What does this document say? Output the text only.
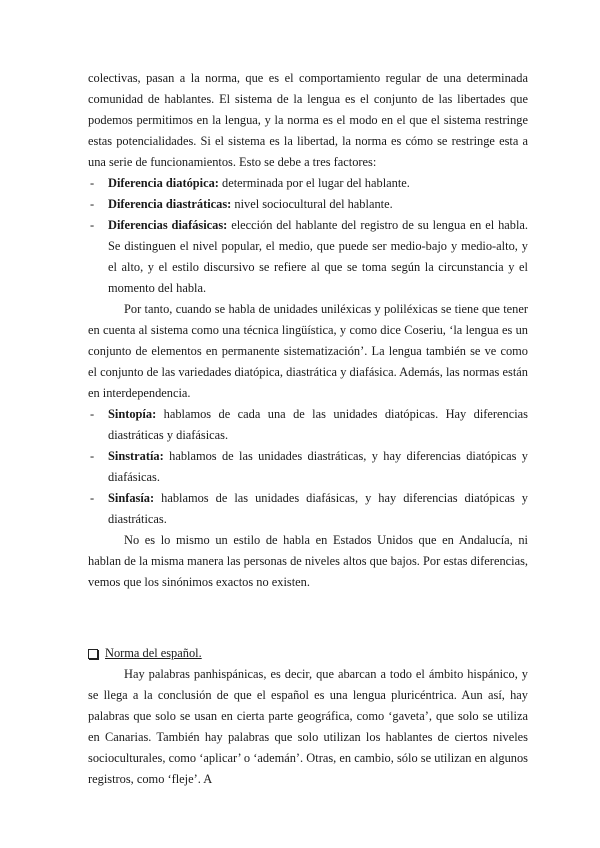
colectivas, pasan a la norma, que es el comportamiento regular de una determinada comunidad de hablantes. El sistema de la lengua es el conjunto de las libertades que podemos permitimos en la lengua, y la norma es el modo en el que el sistema restringe estas potencialidades. Si el sistema es la libertad, la norma es cómo se restringe esta a una serie de funcionamientos. Esto se debe a tres factores:

- Diferencia diatópica: determinada por el lugar del hablante.
- Diferencia diastráticas: nivel sociocultural del hablante.
- Diferencias diafásicas: elección del hablante del registro de su lengua en el habla. Se distinguen el nivel popular, el medio, que puede ser medio-bajo y medio-alto, y el alto, y el estilo discursivo se refiere al que se toma según la circunstancia y el momento del habla.

Por tanto, cuando se habla de unidades uniléxicas y poliléxicas se tiene que tener en cuenta al sistema como una técnica lingüística, y como dice Coseriu, ‘la lengua es un conjunto de elementos en permanente sistematización’. La lengua también se ve como el conjunto de las variedades diatópica, diastrática y diafásica. Además, las normas están en interdependencia.

- Sintopía: hablamos de cada una de las unidades diatópicas. Hay diferencias diastráticas y diafásicas.
- Sinstratía: hablamos de las unidades diastráticas, y hay diferencias diatópicas y diafásicas.
- Sinfasía: hablamos de las unidades diafásicas, y hay diferencias diatópicas y diastráticas.

No es lo mismo un estilo de habla en Estados Unidos que en Andalucía, ni hablan de la misma manera las personas de niveles altos que bajos. Por estas diferencias, vemos que los sinónimos exactos no existen.

Norma del español.

Hay palabras panhispánicas, es decir, que abarcan a todo el ámbito hispánico, y se llega a la conclusión de que el español es una lengua pluricéntrica. Aun así, hay palabras que solo se usan en cierta parte geográfica, como ‘gaveta’, que solo se utiliza en Canarias. También hay palabras que solo utilizan los hablantes de ciertos niveles socioculturales, como ‘aplicar’ o ‘ademán’. Otras, en cambio, sólo se utilizan en algunos registros, como ‘fleje’. A
